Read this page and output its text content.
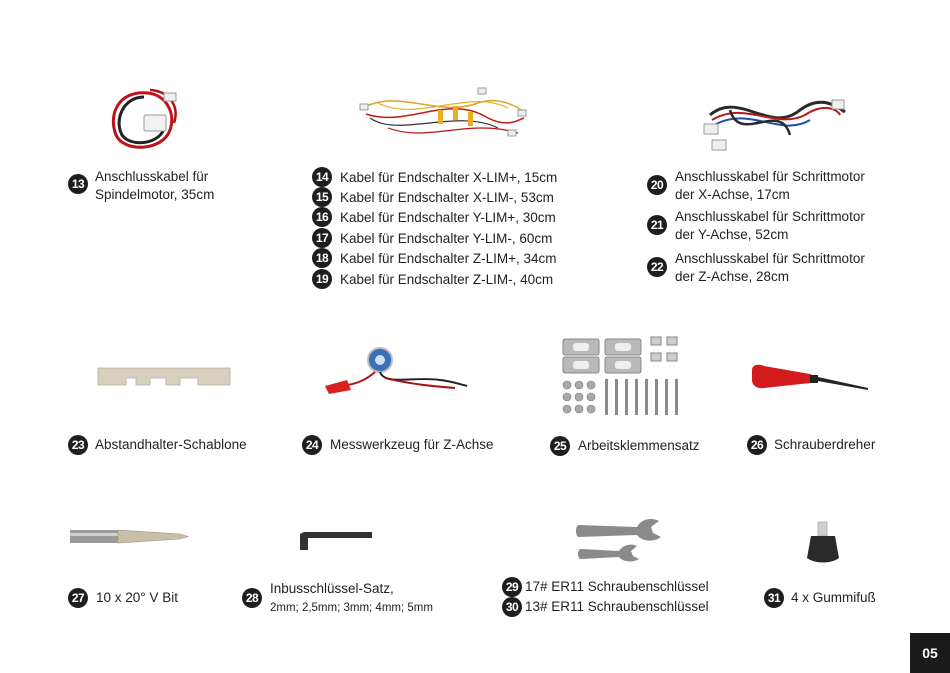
13 Anschlusskabel für
Spindelmotor, 35cm
14 Kabel für Endschalter X-LIM+, 15cm
15 Kabel für Endschalter X-LIM-, 53cm
16 Kabel für Endschalter Y-LIM+, 30cm
17 Kabel für Endschalter Y-LIM-, 60cm
18 Kabel für Endschalter Z-LIM+, 34cm
19 Kabel für Endschalter Z-LIM-, 40cm
20
Anschlusskabel für Schrittmotor
der X-Achse, 17cm
21
Anschlusskabel für Schrittmotor
der Y-Achse, 52cm
22
Anschlusskabel für Schrittmotor
der Z-Achse, 28cm
23 Abstandhalter-Schablone	24 Messwerkzeug für Z-Achse	25 Arbeitsklemmensatz	26 Schrauberdreher
27 10 x 20° V Bit	28
Inbusschlüssel-Satz,
2mm; 2,5mm; 3mm; 4mm; 5mm
29 17# ER11 Schraubenschlüssel
30 13# ER11 Schraubenschlüssel
31 4 x Gummifuß
05
